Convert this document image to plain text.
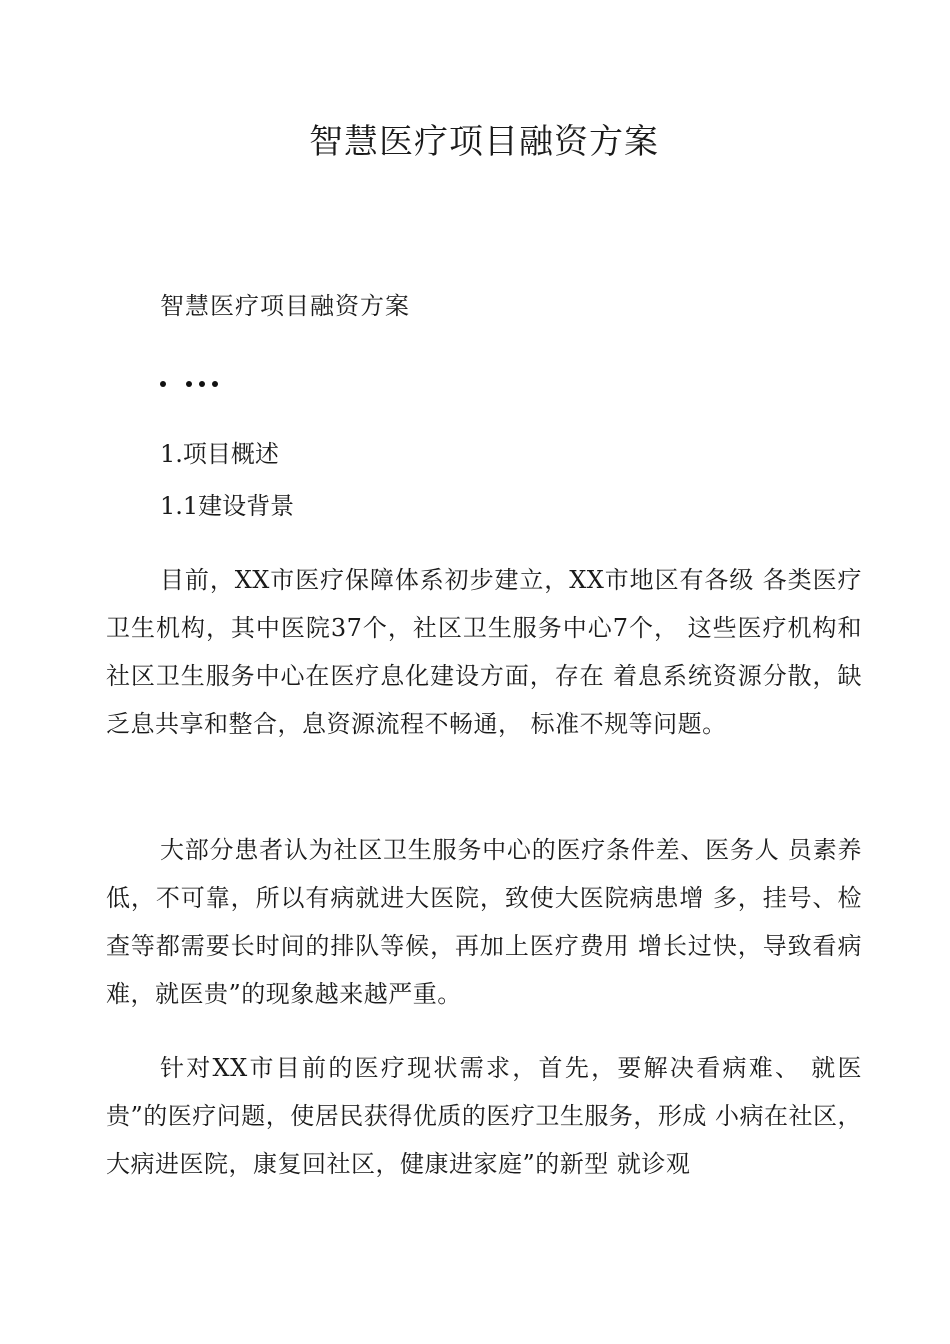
智慧医疗项目融资方案
智慧医疗项目融资方案
1.项目概述
1.1建设背景

目前，XX市医疗保障体系初步建立，XX市地区有各级 各类医疗卫生机构，其中医院37个，社区卫生服务中心7个， 这些医疗机构和社区卫生服务中心在医疗息化建设方面，存在 着息系统资源分散，缺乏息共享和整合，息资源流程不畅通， 标准不规等问题。

大部分患者认为社区卫生服务中心的医疗条件差、医务人 员素养低，不可靠，所以有病就进大医院，致使大医院病患增 多，挂号、检查等都需要长时间的排队等候，再加上医疗费用 增长过快，导致看病难，就医贵”的现象越来越严重。

针对XX市目前的医疗现状需求，首先，要解决看病难、 就医贵”的医疗问题，使居民获得优质的医疗卫生服务，形成 小病在社区，大病进医院，康复回社区，健康进家庭”的新型 就诊观
